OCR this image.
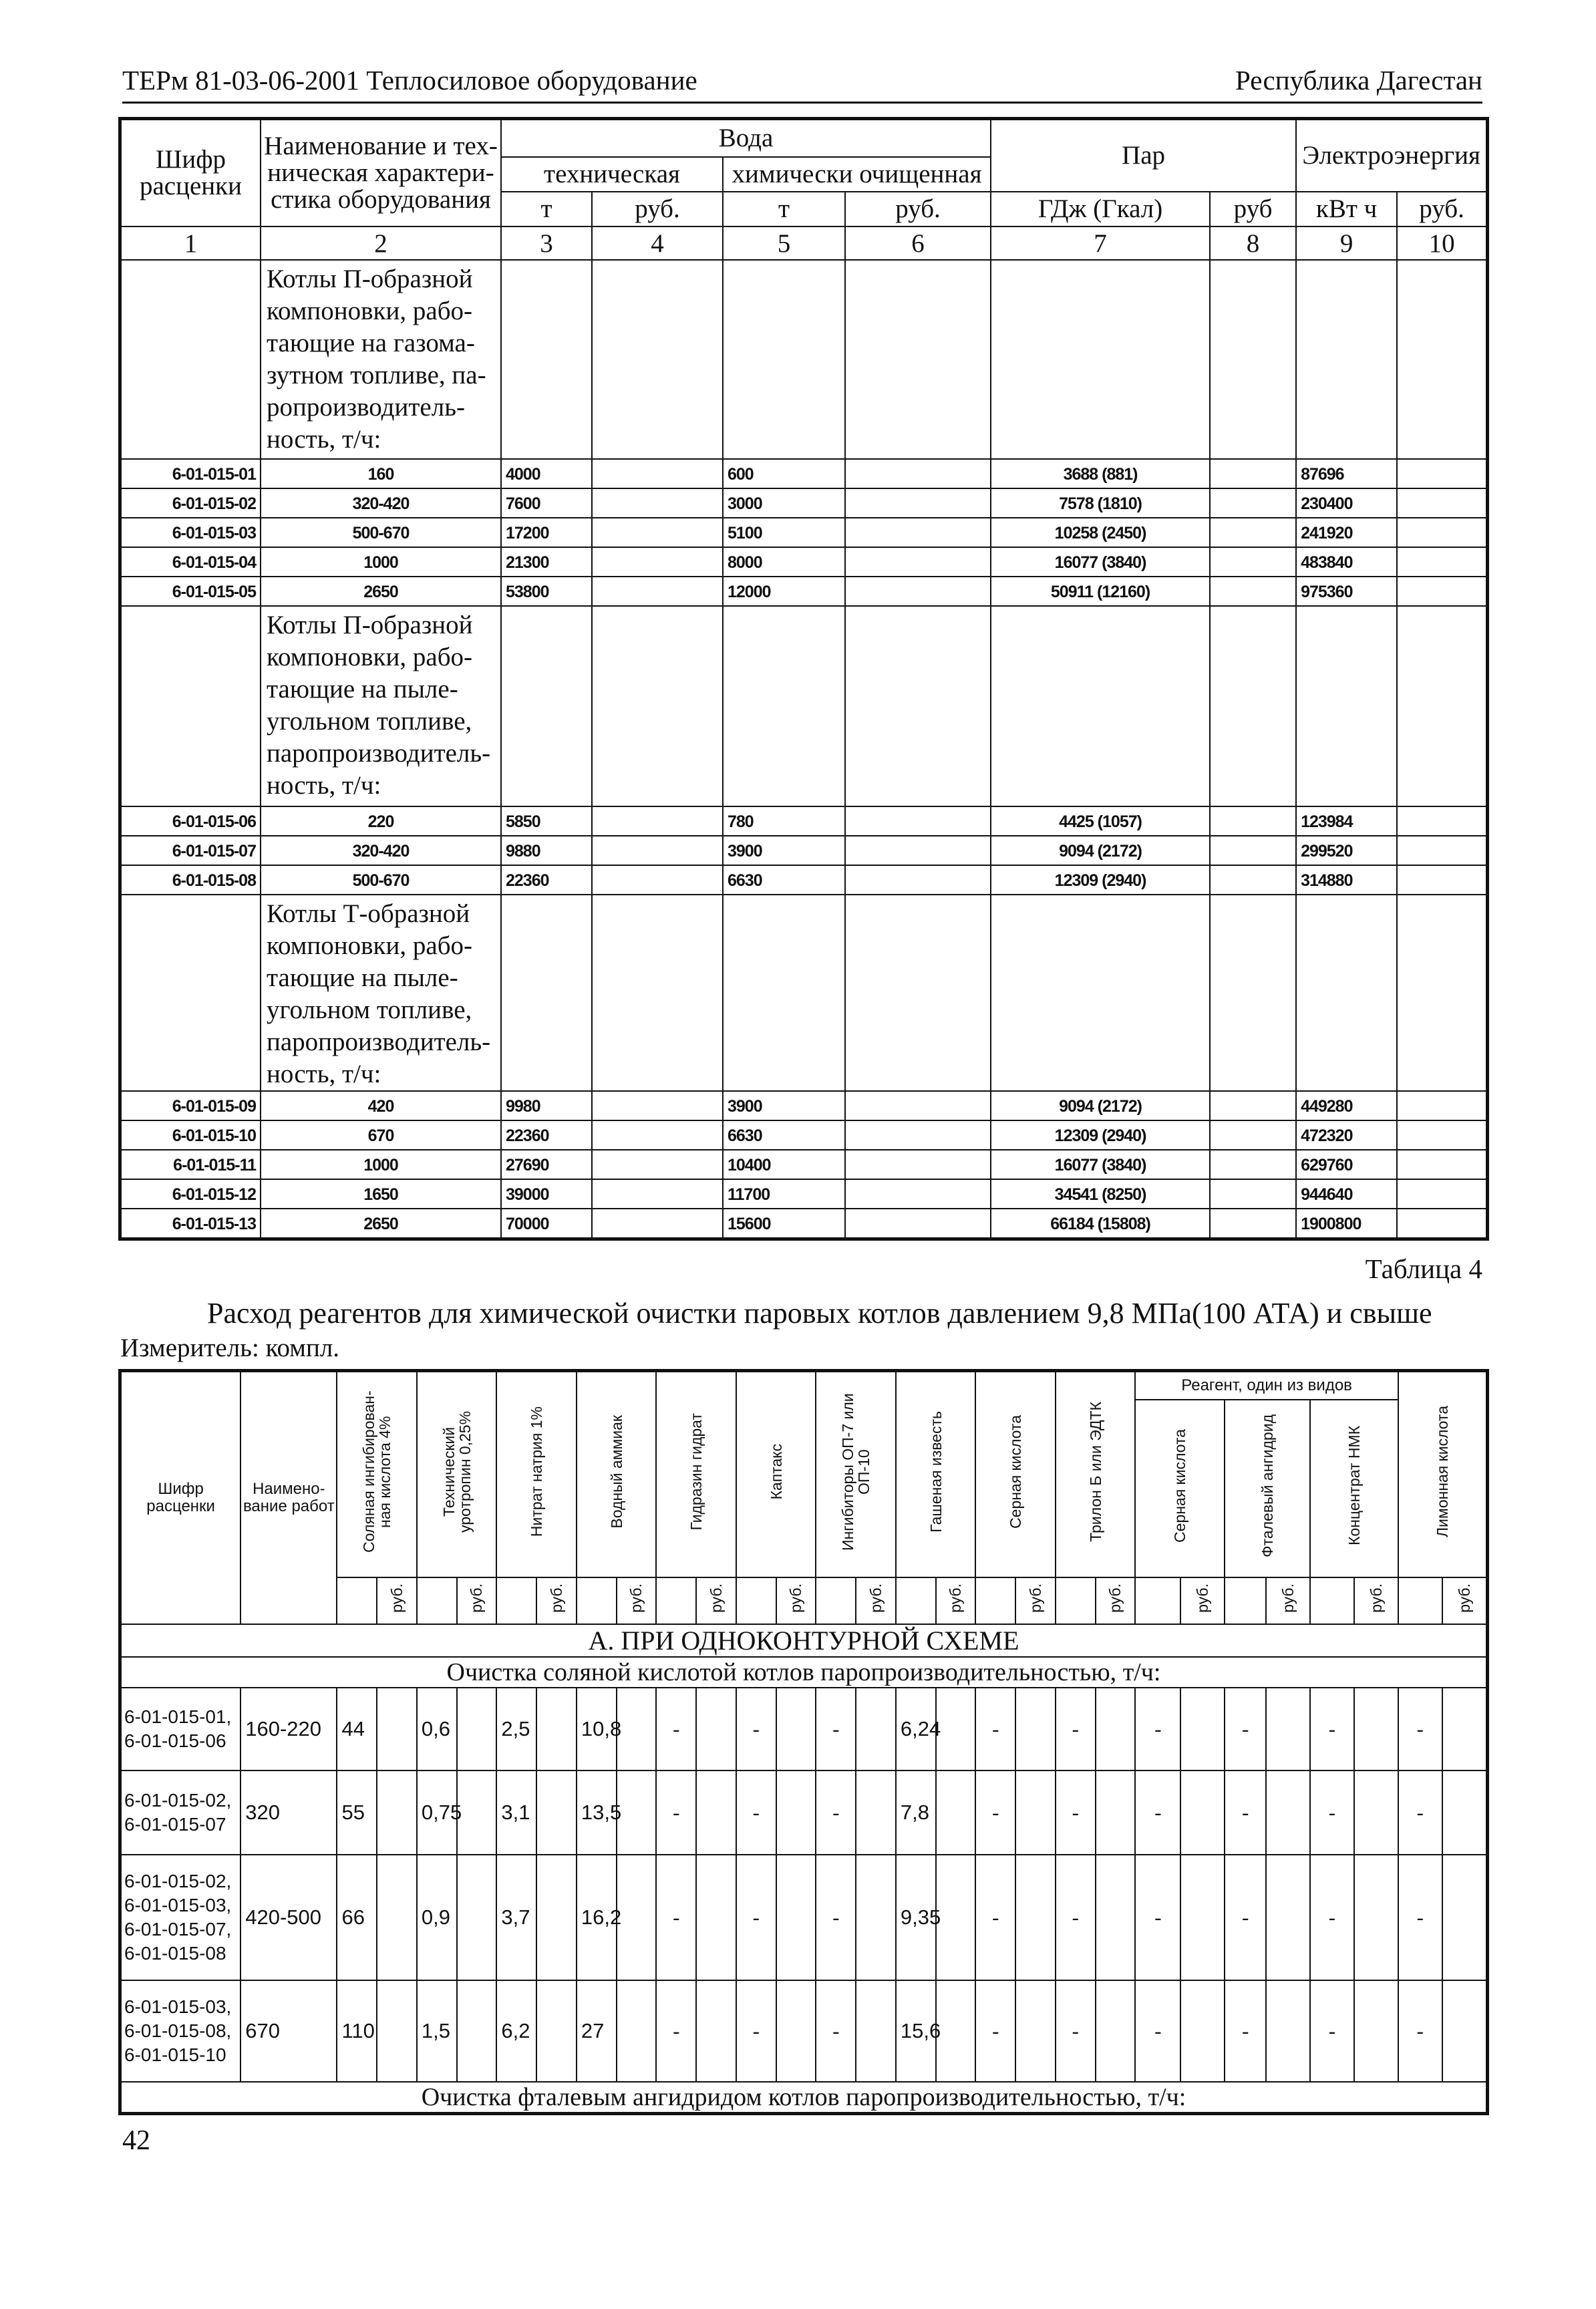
ТЕРм 81-03-06-2001 Теплосиловое оборудование	Республика Дагестан
Шифр расценки	Наименование и тех-ническая характери-стика оборудования	Вода				Пар		Электроэнергия	
		техническая		химически очищенная					
		т	руб.	т	руб.	ГДж (Гкал)	руб	кВт ч	руб.
1	2	3	4	5	6	7	8	9	10
	Котлы П-образной компоновки, рабо-тающие на газома-зутном топливе, па-ропроизводитель-ность, т/ч:								
6-01-015-01	160	4000		600		3688 (881)		87696	
6-01-015-02	320-420	7600		3000		7578 (1810)		230400	
6-01-015-03	500-670	17200		5100		10258 (2450)		241920	
6-01-015-04	1000	21300		8000		16077 (3840)		483840	
6-01-015-05	2650	53800		12000		50911 (12160)		975360	
	Котлы П-образной компоновки, рабо-тающие на пыле-угольном топливе, паропроизводитель-ность, т/ч:								
6-01-015-06	220	5850		780		4425 (1057)		123984	
6-01-015-07	320-420	9880		3900		9094 (2172)		299520	
6-01-015-08	500-670	22360		6630		12309 (2940)		314880	
	Котлы Т-образной компоновки, рабо-тающие на пыле-угольном топливе, паропроизводитель-ность, т/ч:								
6-01-015-09	420	9980		3900		9094 (2172)		449280	
6-01-015-10	670	22360		6630		12309 (2940)		472320	
6-01-015-11	1000	27690		10400		16077 (3840)		629760	
6-01-015-12	1650	39000		11700		34541 (8250)		944640	
6-01-015-13	2650	70000		15600		66184 (15808)		1900800	
Таблица 4
Расход реагентов для химической очистки паровых котлов давлением 9,8 МПа(100 АТА) и свыше
Измеритель: компл.
Шифр расценки	Наимено-вание работ	Соляная ингибирован-ная кислота 4%		Технический уротропин 0,25%		Нитрат натрия 1%		Водный аммиак		Гидразин гидрат		Каптакс		Ингибиторы ОП-7 или ОП-10		Гашеная известь		Серная кислота		Трилон Б или ЭДТК		Реагент, один из видов						Лимонная кислота	
																						Серная кислота		Фталевый ангидрид		Концентрат НМК			
			руб.		руб.		руб.		руб.		руб.		руб.		руб.		руб.		руб.		руб.		руб.		руб.		руб.		руб.
А. ПРИ ОДНОКОНТУРНОЙ СХЕМЕ																													
Очистка соляной кислотой котлов паропроизводительностью, т/ч:																													

6-01-015-01,
6-01-015-06	160-220	44		0,6		2,5		10,8		-		-		-		6,24		-		-		-		-		-		-	

6-01-015-02,
6-01-015-07	320	55		0,75		3,1		13,5		-		-		-		7,8		-		-		-		-		-		-	

6-01-015-02,
6-01-015-03,
6-01-015-07,
6-01-015-08	420-500	66		0,9		3,7		16,2		-		-		-		9,35		-		-		-		-		-		-	

6-01-015-03,
6-01-015-08,
6-01-015-10	670	110		1,5		6,2		27		-		-		-		15,6		-		-		-		-		-		-	
Очистка фталевым ангидридом котлов паропроизводительностью, т/ч:																													
42
